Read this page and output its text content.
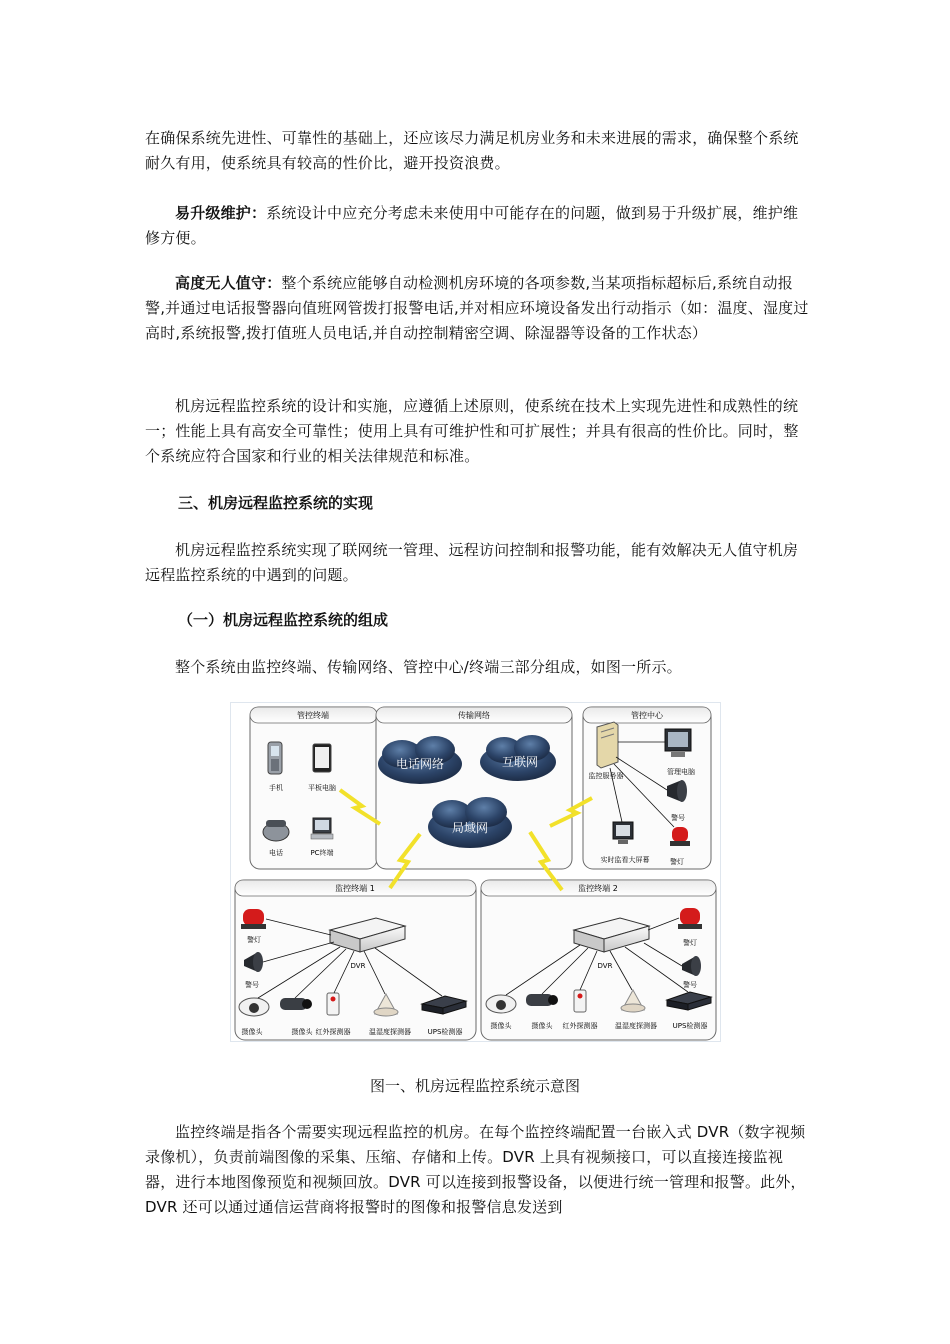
在确保系统先进性、可靠性的基础上，还应该尽力满足机房业务和未来进展的需求，确保整个系统耐久有用，使系统具有较高的性价比，避开投资浪费。

易升级维护：系统设计中应充分考虑未来使用中可能存在的问题，做到易于升级扩展，维护维修方便。

高度无人值守：整个系统应能够自动检测机房环境的各项参数,当某项指标超标后,系统自动报警,并通过电话报警器向值班网管拨打报警电话,并对相应环境设备发出行动指示（如：温度、湿度过高时,系统报警,拨打值班人员电话,并自动控制精密空调、除湿器等设备的工作状态）

机房远程监控系统的设计和实施，应遵循上述原则，使系统在技术上实现先进性和成熟性的统一；性能上具有高安全可靠性；使用上具有可维护性和可扩展性；并具有很高的性价比。同时，整个系统应符合国家和行业的相关法律规范和标准。

三、机房远程监控系统的实现

机房远程监控系统实现了联网统一管理、远程访问控制和报警功能，能有效解决无人值守机房远程监控系统的中遇到的问题。

（一）机房远程监控系统的组成

整个系统由监控终端、传输网络、管控中心/终端三部分组成，如图一所示。

管控终端	传输网络	管控中心
监控终端 1	监控终端 2
手机	平板电脑
电话	PC终端
电话网络	互联网
局域网
监控服务器	管理电脑
警号
警灯
实时监看大屏幕
警灯
警号
DVR
摄像头	摄像头 红外探测器	温湿度探测器 UPS检测器
警灯
警号
DVR
摄像头	摄像头 红外探测器	温湿度探测器 UPS检测器

图一、机房远程监控系统示意图

监控终端是指各个需要实现远程监控的机房。在每个监控终端配置一台嵌入式 DVR（数字视频录像机），负责前端图像的采集、压缩、存储和上传。DVR 上具有视频接口，可以直接连接监视器，进行本地图像预览和视频回放。DVR 可以连接到报警设备，以便进行统一管理和报警。此外，DVR 还可以通过通信运营商将报警时的图像和报警信息发送到
